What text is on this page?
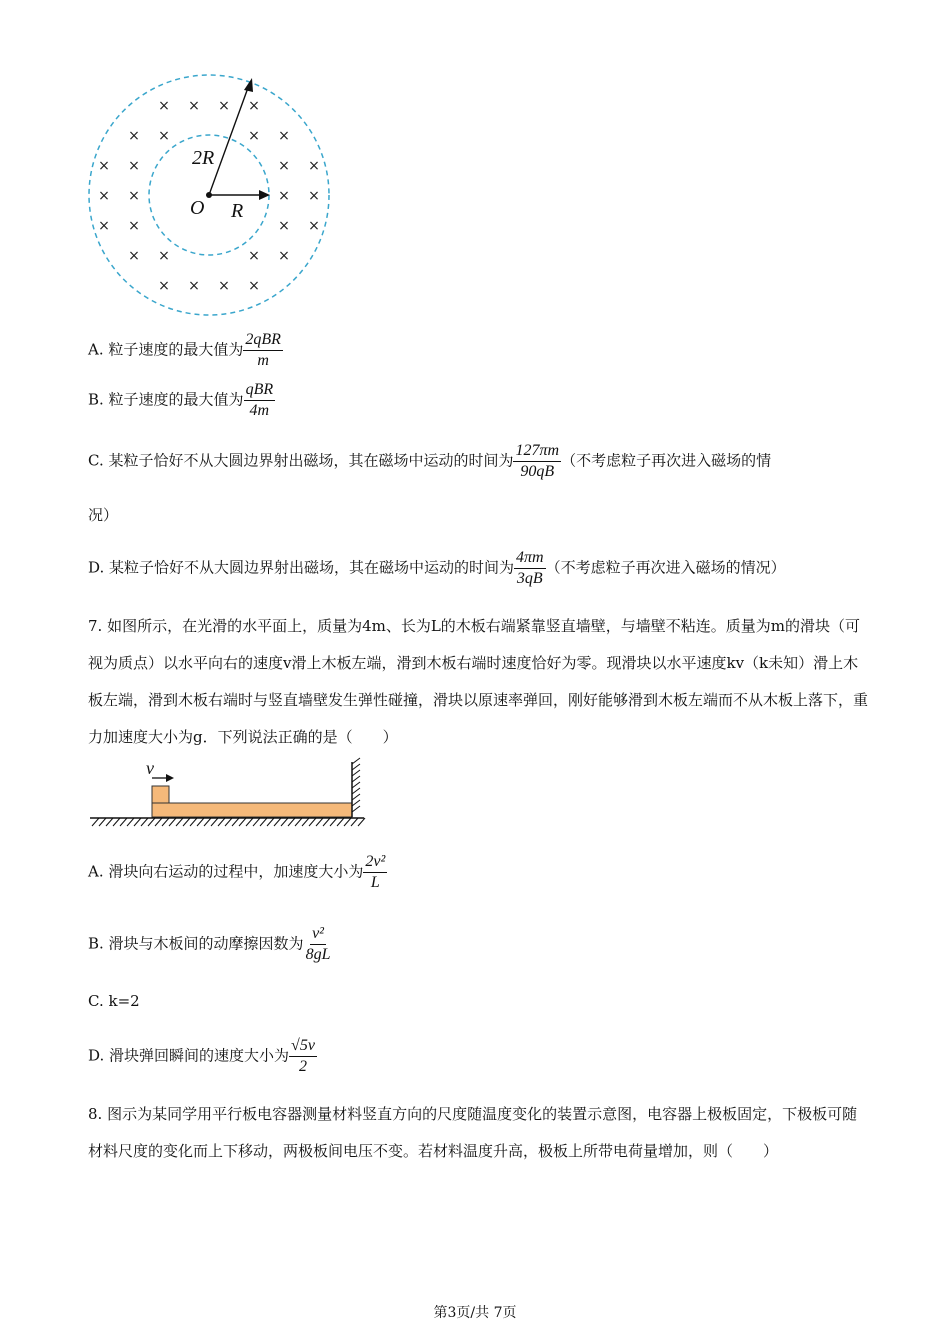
× × × ×
× ×	× ×
× ×	× ×
× ×	× ×
× ×	× ×
× ×	× ×
× × × ×
O R
2R
A. 粒子速度的最大值为 $\frac{\text{2qBR}}{m}$
B. 粒子速度的最大值为 $\frac{\text{qBR}}{4m}$
C. 某粒子恰好不从大圆边界射出磁场，其在磁场中运动的时间为 $\frac{127\pi m}{90qB}$ （不考虑粒子再次进入磁场的情
况）
D. 某粒子恰好不从大圆边界射出磁场，其在磁场中运动的时间为 $\frac{4\pi m}{3qB}$ （不考虑粒子再次进入磁场的情况）
7. 如图所示，在光滑的水平面上，质量为4m、长为L的木板右端紧靠竖直墙壁，与墙壁不粘连。质量为m的滑块（可视为质点）以水平向右的速度v滑上木板左端，滑到木板右端时速度恰好为零。现滑块以水平速度kv（k未知）滑上木板左端，滑到木板右端时与竖直墙壁发生弹性碰撞，滑块以原速率弹回，刚好能够滑到木板左端而不从木板上落下，重力加速度大小为g．下列说法正确的是（　　）
v
A. 滑块向右运动的过程中，加速度大小为 $\frac{\text{2v²}}{L}$
B. 滑块与木板间的动摩擦因数为 $\frac{\text{v²}}{8gL}$
C. k=2
D. 滑块弹回瞬间的速度大小为 $\frac{√5v}{2}$
8. 图示为某同学用平行板电容器测量材料竖直方向的尺度随温度变化的装置示意图，电容器上极板固定，下极板可随材料尺度的变化而上下移动，两极板间电压不变。若材料温度升高，极板上所带电荷量增加，则（　　）
第3页/共 7页
